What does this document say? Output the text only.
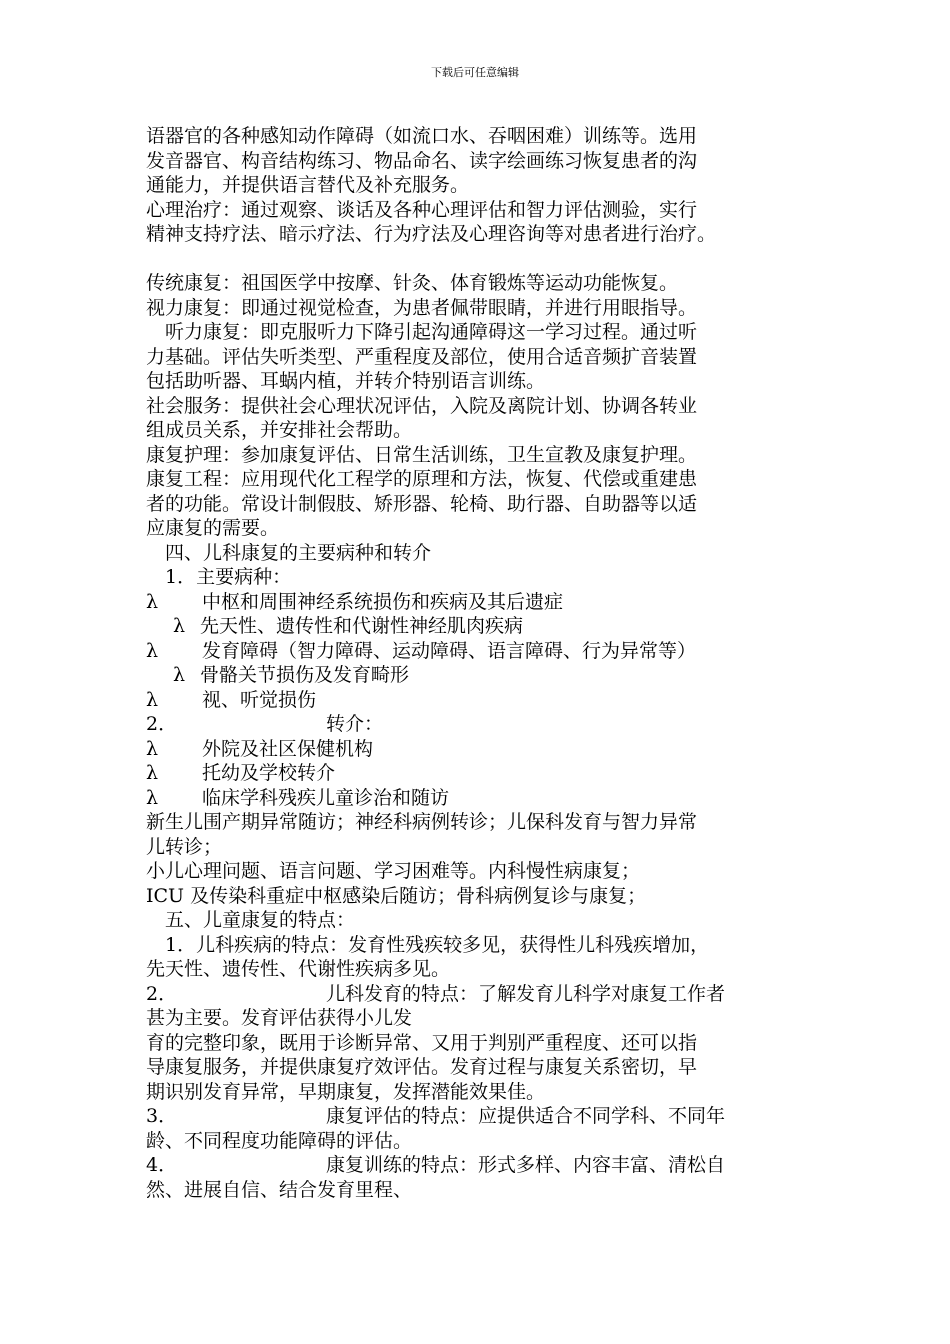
下载后可任意编辑
语器官的各种感知动作障碍（如流口水、吞咽困难）训练等。选用
发音器官、构音结构练习、物品命名、读字绘画练习恢复患者的沟
通能力，并提供语言替代及补充服务。
心理治疗：通过观察、谈话及各种心理评估和智力评估测验，实行
精神支持疗法、暗示疗法、行为疗法及心理咨询等对患者进行治疗。
传统康复：祖国医学中按摩、针灸、体育锻炼等运动功能恢复。
视力康复：即通过视觉检查，为患者佩带眼睛，并进行用眼指导。
听力康复：即克服听力下降引起沟通障碍这一学习过程。通过听
力基础。评估失听类型、严重程度及部位，使用合适音频扩音装置
包括助听器、耳蜗内植，并转介特别语言训练。
社会服务：提供社会心理状况评估，入院及离院计划、协调各转业
组成员关系，并安排社会帮助。
康复护理：参加康复评估、日常生活训练，卫生宣教及康复护理。
康复工程：应用现代化工程学的原理和方法，恢复、代偿或重建患
者的功能。常设计制假肢、矫形器、轮椅、助行器、自助器等以适
应康复的需要。
四、儿科康复的主要病种和转介
1．主要病种：
λ	中枢和周围神经系统损伤和疾病及其后遗症
λ 先天性、遗传性和代谢性神经肌肉疾病
λ	发育障碍（智力障碍、运动障碍、语言障碍、行为异常等）
λ 骨骼关节损伤及发育畸形
λ	视、听觉损伤
2．	转介：
λ	外院及社区保健机构
λ	托幼及学校转介
λ	临床学科残疾儿童诊治和随访
新生儿围产期异常随访；神经科病例转诊；儿保科发育与智力异常
儿转诊；
小儿心理问题、语言问题、学习困难等。内科慢性病康复；
ICU 及传染科重症中枢感染后随访；骨科病例复诊与康复；
五、儿童康复的特点：
1．儿科疾病的特点：发育性残疾较多见，获得性儿科残疾增加，
先天性、遗传性、代谢性疾病多见。
2．	儿科发育的特点：了解发育儿科学对康复工作者
甚为主要。发育评估获得小儿发
育的完整印象，既用于诊断异常、又用于判别严重程度、还可以指
导康复服务，并提供康复疗效评估。发育过程与康复关系密切，早
期识别发育异常，早期康复，发挥潜能效果佳。
3．	康复评估的特点：应提供适合不同学科、不同年
龄、不同程度功能障碍的评估。
4．	康复训练的特点：形式多样、内容丰富、清松自
然、进展自信、结合发育里程、
